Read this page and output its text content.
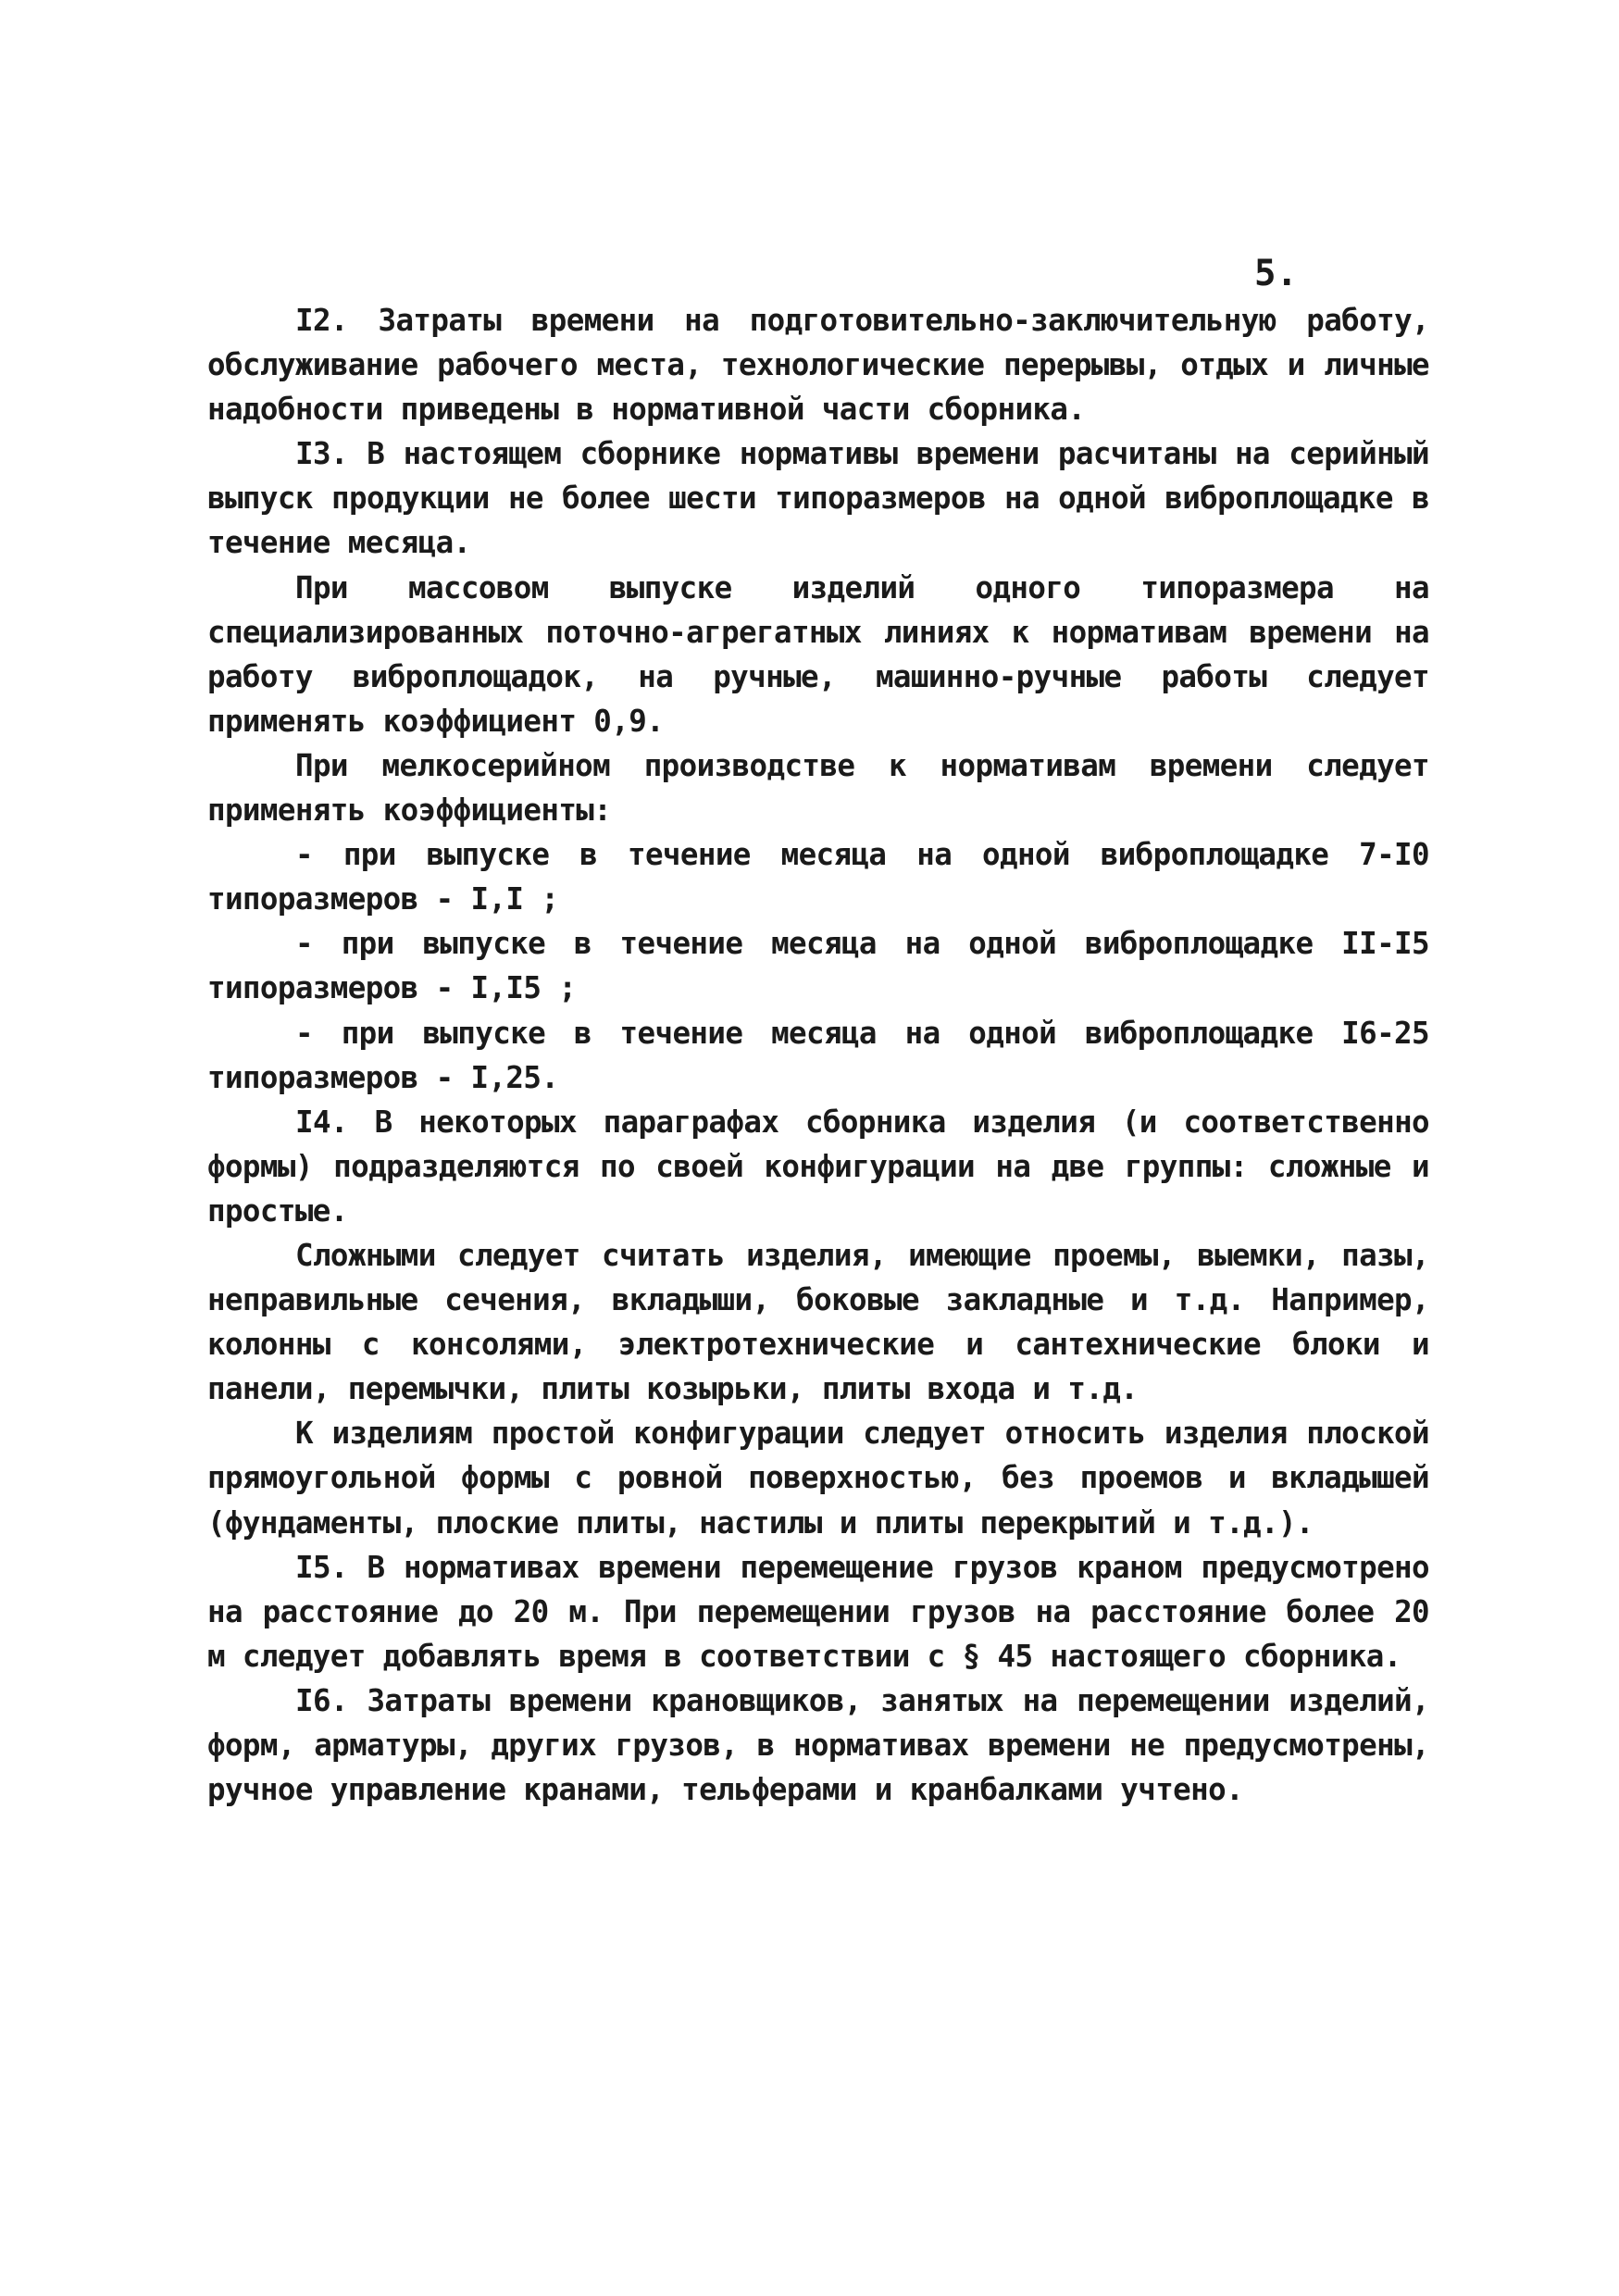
5.

I2. Затраты времени на подготовительно-заключительную работу, обслуживание рабочего места, технологические перерывы, отдых и личные надобности приведены в нормативной части сборника.

I3. В настоящем сборнике нормативы времени расчитаны на серийный выпуск продукции не более шести типоразмеров на одной виброплощадке в течение месяца.

При массовом выпуске изделий одного типоразмера на специализированных поточно-агрегатных линиях к нормативам времени на работу виброплощадок, на ручные, машинно-ручные работы следует применять коэффициент 0,9.

При мелкосерийном производстве к нормативам времени следует применять коэффициенты:

- при выпуске в течение месяца на одной виброплощадке 7-I0 типоразмеров - I,I ;

- при выпуске в течение месяца на одной виброплощадке II-I5 типоразмеров - I,I5 ;

- при выпуске в течение месяца на одной виброплощадке I6-25 типоразмеров - I,25.

I4. В некоторых параграфах сборника изделия (и соответственно формы) подразделяются по своей конфигурации на две группы: сложные и простые.

Сложными следует считать изделия, имеющие проемы, выемки, пазы, неправильные сечения, вкладыши, боковые закладные и т.д. Например, колонны с консолями, электротехнические и сантехнические блоки и панели, перемычки, плиты козырьки, плиты входа и т.д.

К изделиям простой конфигурации следует относить изделия плоской прямоугольной формы с ровной поверхностью, без проемов и вкладышей (фундаменты, плоские плиты, настилы и плиты перекрытий и т.д.).

I5. В нормативах времени перемещение грузов краном предусмотрено на расстояние до 20 м. При перемещении грузов на расстояние более 20 м следует добавлять время в соответствии с § 45 настоящего сборника.

I6. Затраты времени крановщиков, занятых на перемещении изделий, форм, арматуры, других грузов, в нормативах времени не предусмотрены, ручное управление кранами, тельферами и кранбалками учтено.
